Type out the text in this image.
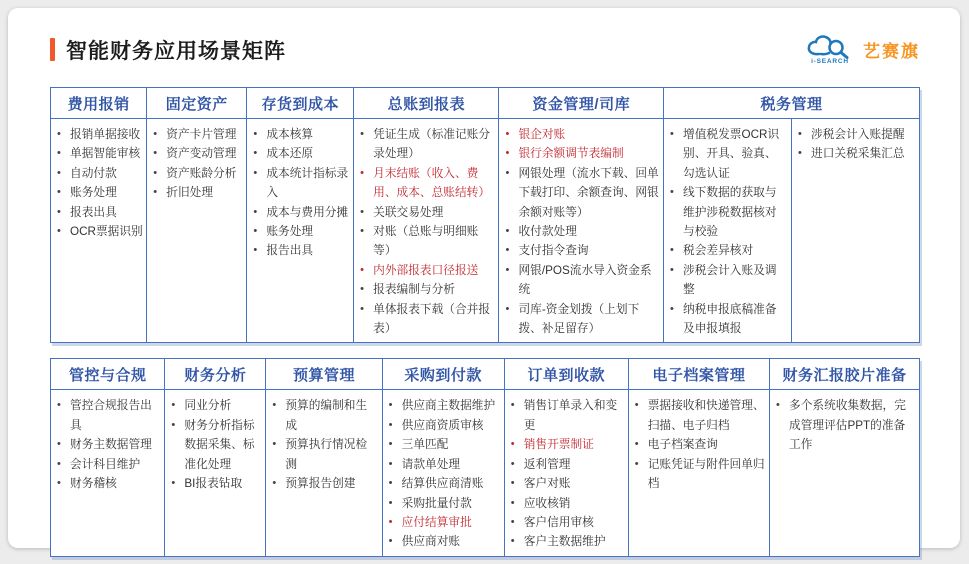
智能财务应用场景矩阵	i-SEARCH
艺赛旗
费用报销
• 报销单据接收
• 单据智能审核
• 自动付款
• 账务处理
• 报表出具
• OCR票据识别
固定资产
• 资产卡片管理
• 资产变动管理
• 资产账龄分析
• 折旧处理
存货到成本
• 成本核算
• 成本还原
• 成本统计指标录入
• 成本与费用分摊
• 账务处理
• 报告出具
总账到报表
• 凭证生成（标准记账分录处理）
• 月末结账（收入、费用、成本、总账结转）
• 关联交易处理
• 对账（总账与明细账等）
• 内外部报表口径报送
• 报表编制与分析
• 单体报表下载（合并报表）
资金管理/司库
• 银企对账
• 银行余额调节表编制
• 网银处理（流水下载、回单下载打印、余额查询、网银余额对账等）
• 收付款处理
• 支付指令查询
• 网银/POS流水导入资金系统
• 司库-资金划拨（上划下拨、补足留存）
税务管理
• 增值税发票OCR识别、开具、验真、勾选认证
• 线下数据的获取与维护涉税数据核对与校验
• 税会差异核对
• 涉税会计入账及调整
• 纳税申报底稿准备及申报填报
• 涉税会计入账提醒
• 进口关税采集汇总
管控与合规
• 管控合规报告出具
• 财务主数据管理
• 会计科目维护
• 财务稽核
财务分析
• 同业分析
• 财务分析指标数据采集、标准化处理
• BI报表钻取
预算管理
• 预算的编制和生成
• 预算执行情况检测
• 预算报告创建
采购到付款
• 供应商主数据维护
• 供应商资质审核
• 三单匹配
• 请款单处理
• 结算供应商清账
• 采购批量付款
• 应付结算审批
• 供应商对账
订单到收款
• 销售订单录入和变更
• 销售开票制证
• 返利管理
• 客户对账
• 应收核销
• 客户信用审核
• 客户主数据维护
电子档案管理
• 票据接收和快递管理、扫描、电子归档
• 电子档案查询
• 记账凭证与附件回单归档
财务汇报胶片准备
• 多个系统收集数据，完成管理评估PPT的准备工作
